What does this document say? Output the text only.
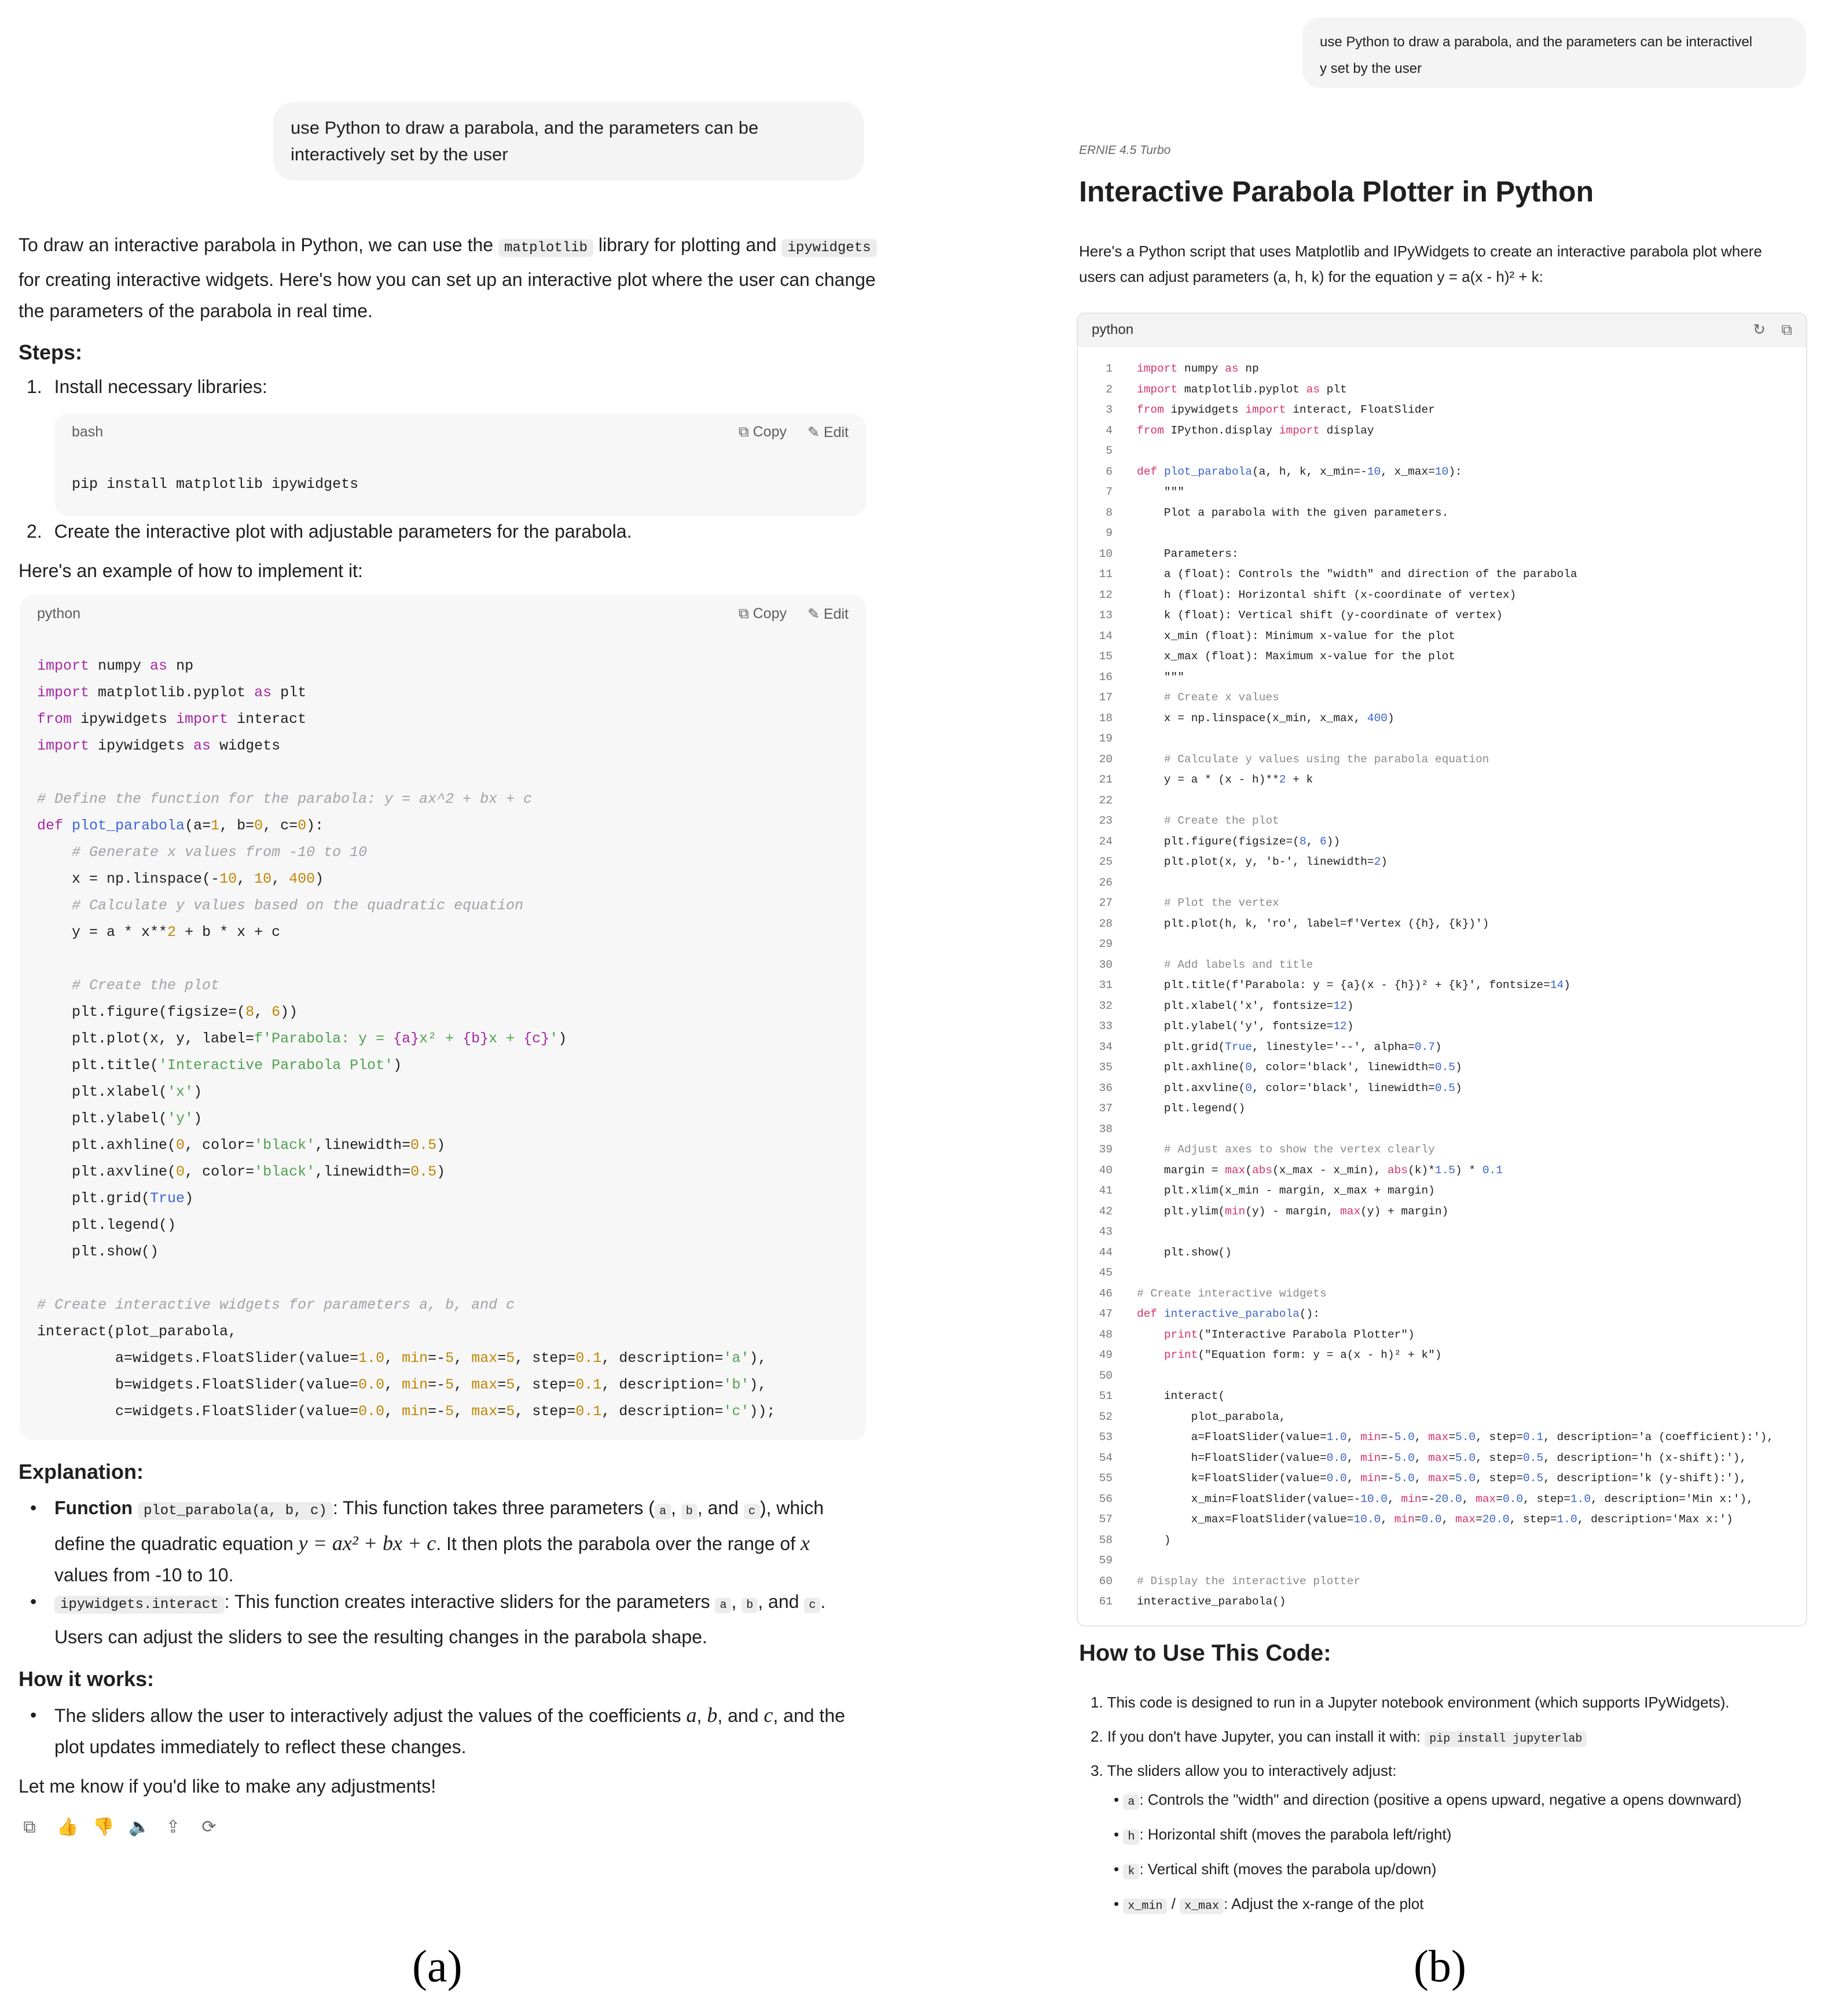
use Python to draw a parabola, and the parameters can be interactively set by the user
To draw an interactive parabola in Python, we can use the matplotlib library for plotting and ipywidgets for creating interactive widgets. Here's how you can set up an interactive plot where the user can change the parameters of the parabola in real time.
Steps:
1. Install necessary libraries:
bash	⧉ Copy ✎ Edit
pip install matplotlib ipywidgets
2. Create the interactive plot with adjustable parameters for the parabola.
Here's an example of how to implement it:
python	⧉ Copy ✎ Edit
import numpy as np
import matplotlib.pyplot as plt
from ipywidgets import interact
import ipywidgets as widgets

# Define the function for the parabola: y = ax^2 + bx + c
def plot_parabola(a=1, b=0, c=0):
# Generate x values from -10 to 10
x = np.linspace(-10, 10, 400)
# Calculate y values based on the quadratic equation
y = a * x**2 + b * x + c

# Create the plot
plt.figure(figsize=(8, 6))
plt.plot(x, y, label=f'Parabola: y = {a}x² + {b}x + {c}')
plt.title('Interactive Parabola Plot')
plt.xlabel('x')
plt.ylabel('y')
plt.axhline(0, color='black',linewidth=0.5)
plt.axvline(0, color='black',linewidth=0.5)
plt.grid(True)
plt.legend()
plt.show()

# Create interactive widgets for parameters a, b, and c
interact(plot_parabola,
a=widgets.FloatSlider(value=1.0, min=-5, max=5, step=0.1, description='a'),
b=widgets.FloatSlider(value=0.0, min=-5, max=5, step=0.1, description='b'),
c=widgets.FloatSlider(value=0.0, min=-5, max=5, step=0.1, description='c'));
Explanation:
• Function plot_parabola(a, b, c) : This function takes three parameters ( a , b , and c ), which define the quadratic equation y = ax² + bx + c. It then plots the parabola over the range of x
values from -10 to 10.
•	ipywidgets.interact : This function creates interactive sliders for the parameters a , b , and c .
Users can adjust the sliders to see the resulting changes in the parabola shape.
How it works:
• The sliders allow the user to interactively adjust the values of the coefficients a, b, and c, and the
plot updates immediately to reflect these changes.
Let me know if you'd like to make any adjustments!
⧉ 👍 👎 🔈 ⇪ ⟳
(a)
use Python to draw a parabola, and the parameters can be interactivel
y set by the user
ERNIE 4.5 Turbo
Interactive Parabola Plotter in Python
Here's a Python script that uses Matplotlib and IPyWidgets to create an interactive parabola plot where
users can adjust parameters (a, h, k) for the equation y = a(x - h)² + k:
python	↻ ⧉
1 import numpy as np
2 import matplotlib.pyplot as plt
3 from ipywidgets import interact, FloatSlider
4 from IPython.display import display
5
6 def plot_parabola(a, h, k, x_min=-10, x_max=10):
7	"""
8	Plot a parabola with the given parameters.
9
10	Parameters:
11	a (float): Controls the "width" and direction of the parabola
12	h (float): Horizontal shift (x-coordinate of vertex)
13	k (float): Vertical shift (y-coordinate of vertex)
14	x_min (float): Minimum x-value for the plot
15	x_max (float): Maximum x-value for the plot
16	"""
17	# Create x values
18    x = np.linspace(x_min, x_max, 400)
19
20	# Calculate y values using the parabola equation
21    y = a * (x - h)**2 + k
22
23	# Create the plot
24    plt.figure(figsize=(8, 6))
25    plt.plot(x, y, 'b-', linewidth=2)
26
27	# Plot the vertex
28	plt.plot(h, k, 'ro', label=f'Vertex ({h}, {k})')
29
30	# Add labels and title
31    plt.title(f'Parabola: y = {a}(x - {h})² + {k}', fontsize=14)
32    plt.xlabel('x', fontsize=12)
33    plt.ylabel('y', fontsize=12)
34    plt.grid(True, linestyle='--', alpha=0.7)
35    plt.axhline(0, color='black', linewidth=0.5)
36    plt.axvline(0, color='black', linewidth=0.5)
37	plt.legend()
38
39	# Adjust axes to show the vertex clearly
40    margin = max(abs(x_max - x_min), abs(k)*1.5) * 0.1
41	plt.xlim(x_min - margin, x_max + margin)
42    plt.ylim(min(y) - margin, max(y) + margin)
43
44	plt.show()
45
46 # Create interactive widgets
47 def interactive_parabola():
48	print("Interactive Parabola Plotter")
49	print("Equation form: y = a(x - h)² + k")
50
51	interact(
52	plot_parabola,
53        a=FloatSlider(value=1.0, min=-5.0, max=5.0, step=0.1, description='a (coefficient):'),
54        h=FloatSlider(value=0.0, min=-5.0, max=5.0, step=0.5, description='h (x-shift):'),
55        k=FloatSlider(value=0.0, min=-5.0, max=5.0, step=0.5, description='k (y-shift):'),
56        x_min=FloatSlider(value=-10.0, min=-20.0, max=0.0, step=1.0, description='Min x:'),
57        x_max=FloatSlider(value=10.0, min=0.0, max=20.0, step=1.0, description='Max x:')
58	)
59
60 # Display the interactive plotter
61 interactive_parabola()
How to Use This Code:
1. This code is designed to run in a Jupyter notebook environment (which supports IPyWidgets).
2. If you don't have Jupyter, you can install it with: pip install jupyterlab
3. The sliders allow you to interactively adjust:
• a : Controls the "width" and direction (positive a opens upward, negative a opens downward)
• h : Horizontal shift (moves the parabola left/right)
• k : Vertical shift (moves the parabola up/down)
• x_min / x_max : Adjust the x-range of the plot
(b)
